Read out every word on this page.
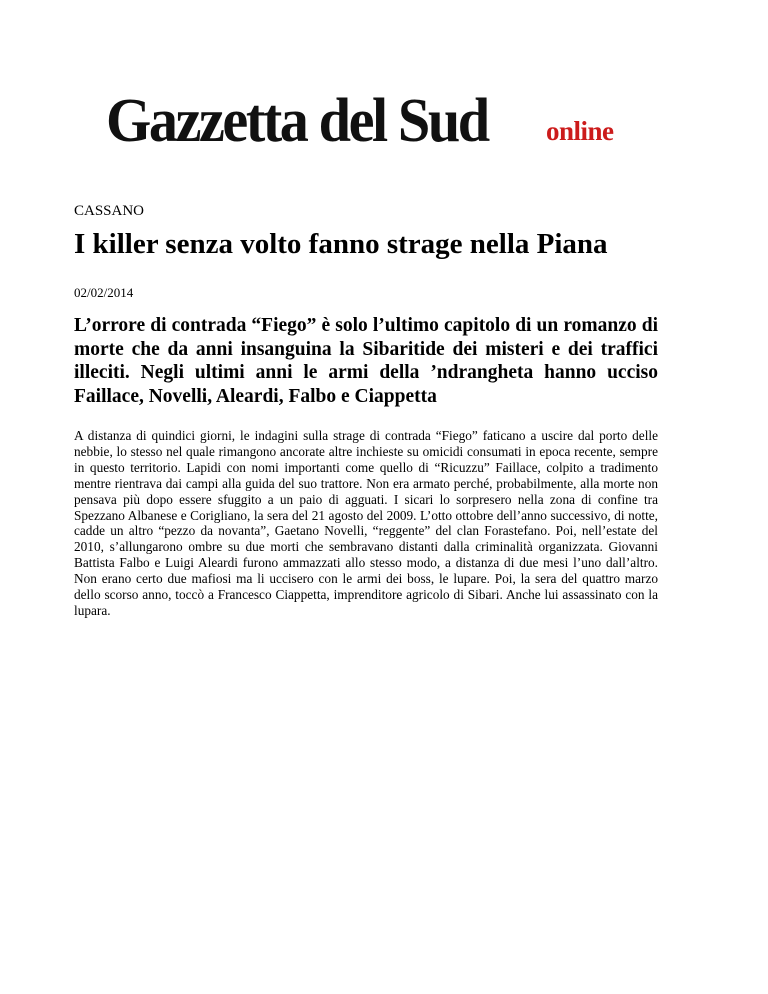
Gazzetta del Sud online
CASSANO
I killer senza volto fanno strage nella Piana
02/02/2014
L’orrore di contrada “Fiego” è solo l’ultimo capitolo di un romanzo di morte che da anni insanguina la Sibaritide dei misteri e dei traffici illeciti. Negli ultimi anni le armi della ’ndrangheta hanno ucciso Faillace, Novelli, Aleardi, Falbo e Ciappetta

A distanza di quindici giorni, le indagini sulla strage di contrada “Fiego” faticano a uscire dal porto delle nebbie, lo stesso nel quale rimangono ancorate altre inchieste su omicidi consumati in epoca recente, sempre in questo territorio. Lapidi con nomi importanti come quello di “Ricuzzu” Faillace, colpito a tradimento mentre rientrava dai campi alla guida del suo trattore. Non era armato perché, probabilmente, alla morte non pensava più dopo essere sfuggito a un paio di agguati. I sicari lo sorpresero nella zona di confine tra Spezzano Albanese e Corigliano, la sera del 21 agosto del 2009. L’otto ottobre dell’anno successivo, di notte, cadde un altro “pezzo da novanta”, Gaetano Novelli, “reggente” del clan Forastefano. Poi, nell’estate del 2010, s’allungarono ombre su due morti che sembravano distanti dalla criminalità organizzata. Giovanni Battista Falbo e Luigi Aleardi furono ammazzati allo stesso modo, a distanza di due mesi l’uno dall’altro. Non erano certo due mafiosi ma li uccisero con le armi dei boss, le lupare. Poi, la sera del quattro marzo dello scorso anno, toccò a Francesco Ciappetta, imprenditore agricolo di Sibari. Anche lui assassinato con la lupara.
